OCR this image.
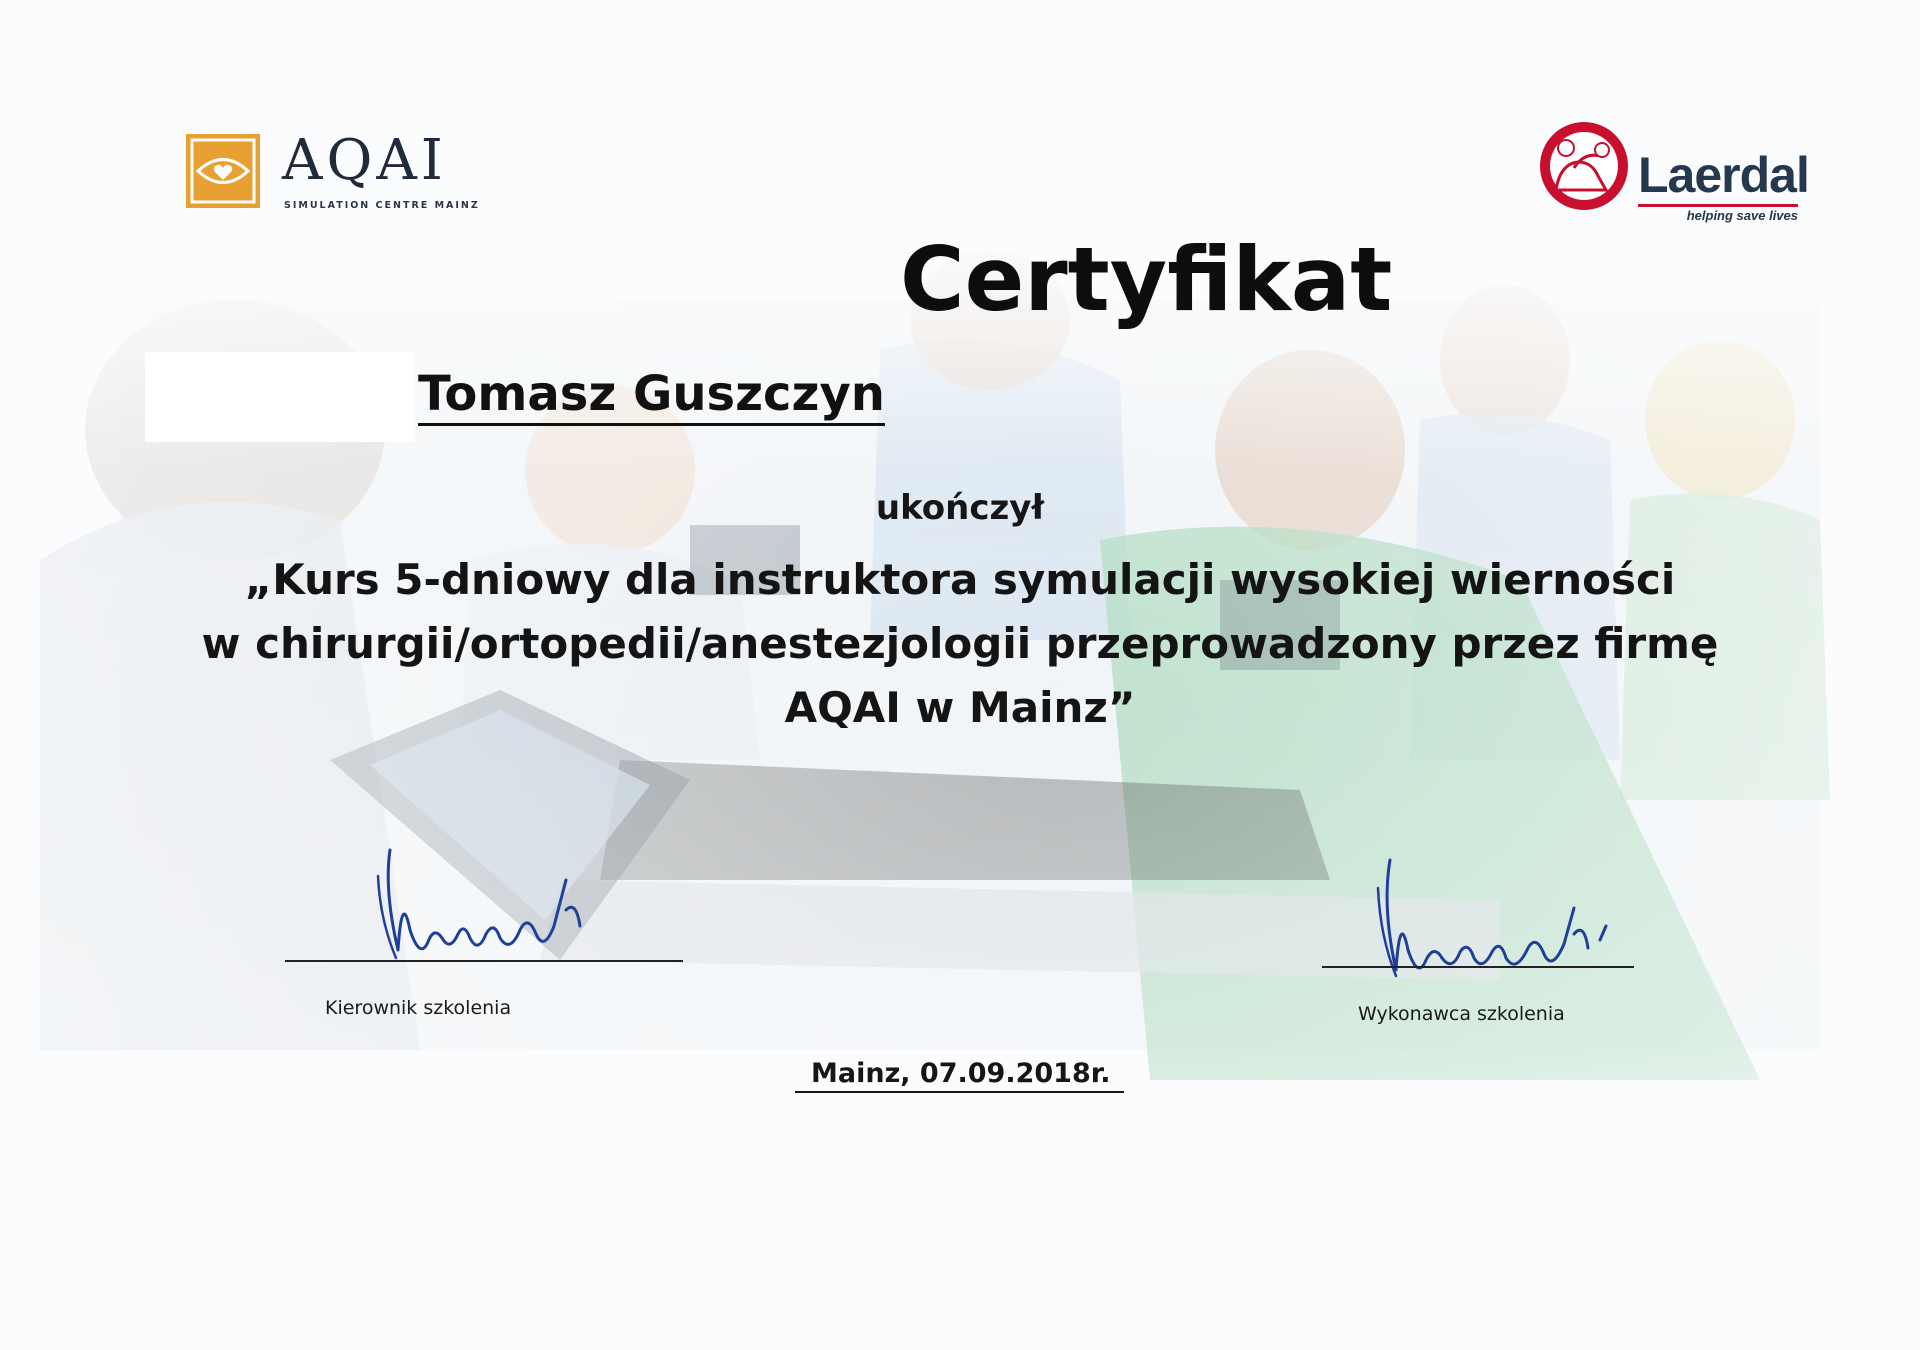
AQAI
SIMULATION CENTRE MAINZ
Laerdal
helping save lives
Certyfikat
Tomasz Guszczyn
ukończył
„Kurs 5-dniowy dla instruktora symulacji wysokiej wierności
w chirurgii/ortopedii/anestezjologii przeprowadzony przez firmę
AQAI w Mainz”
Kierownik szkolenia	Wykonawca szkolenia
Mainz, 07.09.2018r.
